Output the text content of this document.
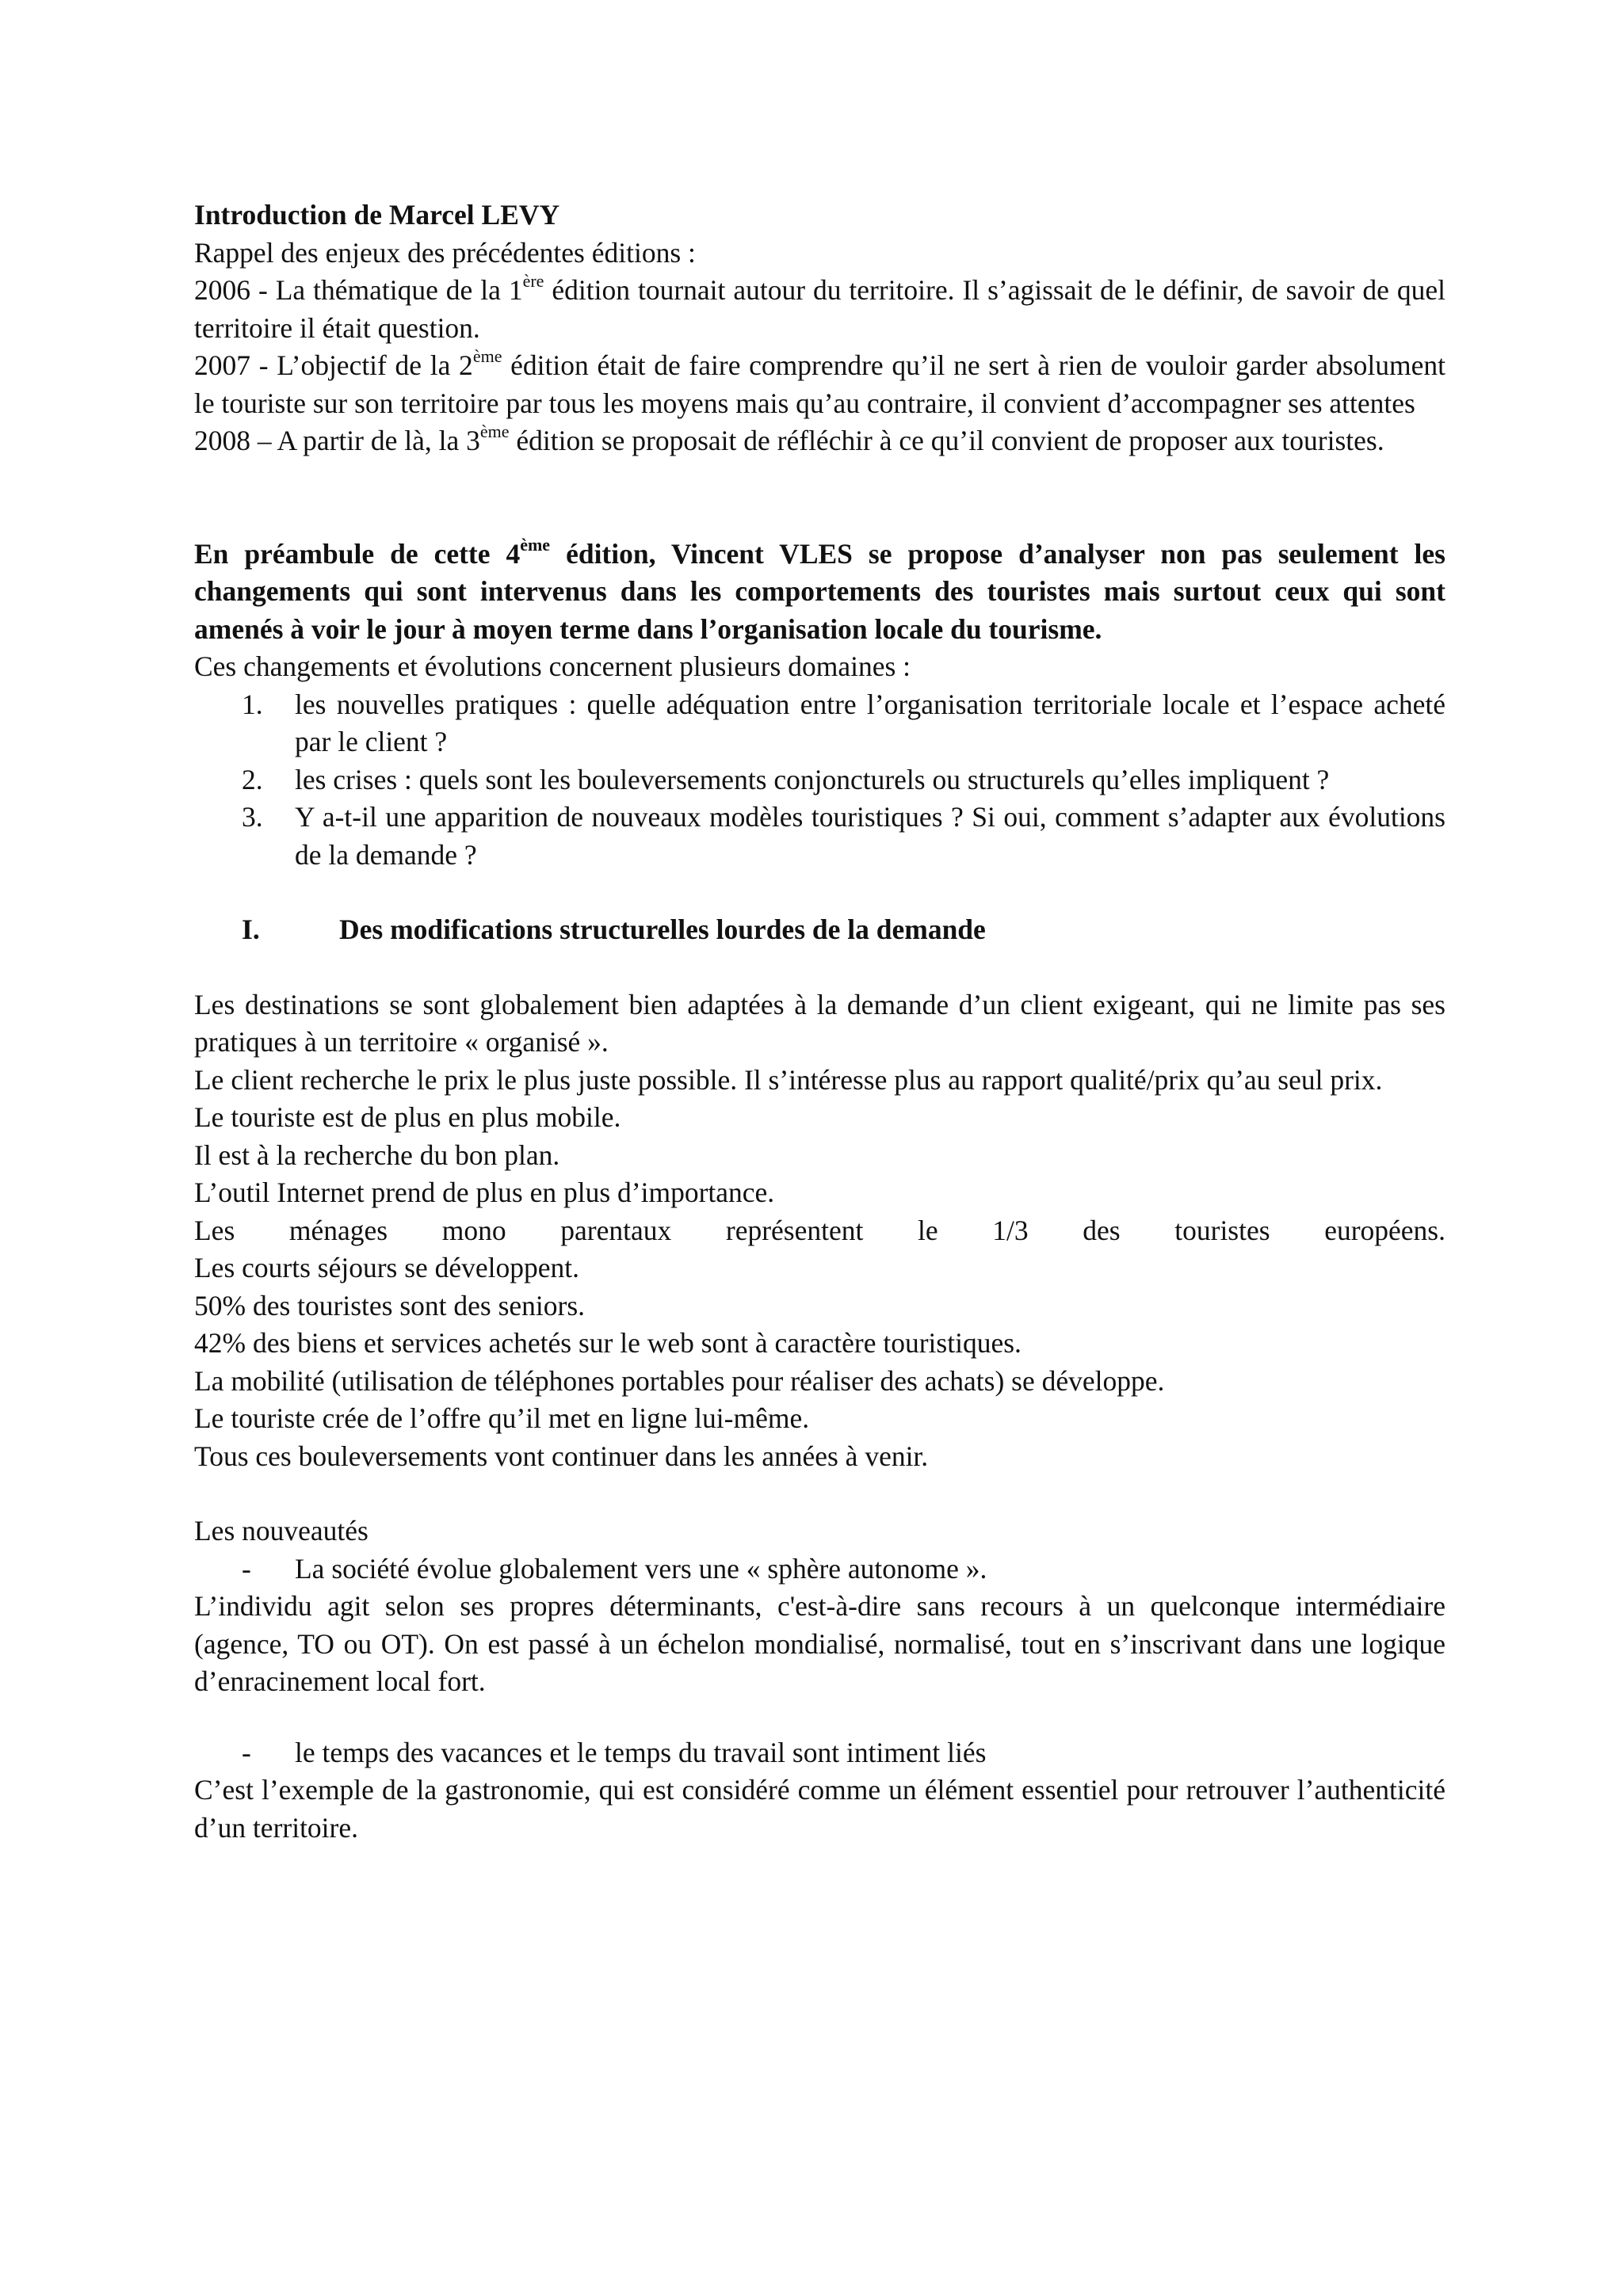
Introduction de Marcel LEVY

Rappel des enjeux des précédentes éditions :

2006 - La thématique de la 1ère édition tournait autour du territoire. Il s’agissait de le définir, de savoir de quel territoire il était question.

2007 - L’objectif de la 2ème édition était de faire comprendre qu’il ne sert à rien de vouloir garder absolument le touriste sur son territoire par tous les moyens mais qu’au contraire, il convient d’accompagner ses attentes

2008 – A partir de là, la 3ème édition se proposait de réfléchir à ce qu’il convient de proposer aux touristes.

En préambule de cette 4ème édition, Vincent VLES se propose d’analyser non pas seulement les changements qui sont intervenus dans les comportements des touristes mais surtout ceux qui sont amenés à voir le jour à moyen terme dans l’organisation locale du tourisme.

Ces changements et évolutions concernent plusieurs domaines :

1.	les nouvelles pratiques : quelle adéquation entre l’organisation territoriale locale et l’espace acheté par le client ?
2.	les crises : quels sont les bouleversements conjoncturels ou structurels qu’elles impliquent ?
3.	Y a-t-il une apparition de nouveaux modèles touristiques ? Si oui, comment s’adapter aux évolutions de la demande ?
I.	Des modifications structurelles lourdes de la demande

Les destinations se sont globalement bien adaptées à la demande d’un client exigeant, qui ne limite pas ses pratiques à un territoire « organisé ».

Le client recherche le prix le plus juste possible. Il s’intéresse plus au rapport qualité/prix qu’au seul prix.

Le touriste est de plus en plus mobile.

Il est à la recherche du bon plan.

L’outil Internet prend de plus en plus d’importance.

Les ménages mono parentaux représentent le 1/3 des touristes européens.

Les courts séjours se développent.

50% des touristes sont des seniors.

42% des biens et services achetés sur le web sont à caractère touristiques.

La mobilité (utilisation de téléphones portables pour réaliser des achats) se développe.

Le touriste crée de l’offre qu’il met en ligne lui-même.

Tous ces bouleversements vont continuer dans les années à venir.

Les nouveautés

-	La société évolue globalement vers une « sphère autonome ».

L’individu agit selon ses propres déterminants, c'est-à-dire sans recours à un quelconque intermédiaire (agence, TO ou OT). On est passé à un échelon mondialisé, normalisé, tout en s’inscrivant dans une logique d’enracinement local fort.

-	le temps des vacances et le temps du travail sont intiment liés

C’est l’exemple de la gastronomie, qui est considéré comme un élément essentiel pour retrouver l’authenticité d’un territoire.
